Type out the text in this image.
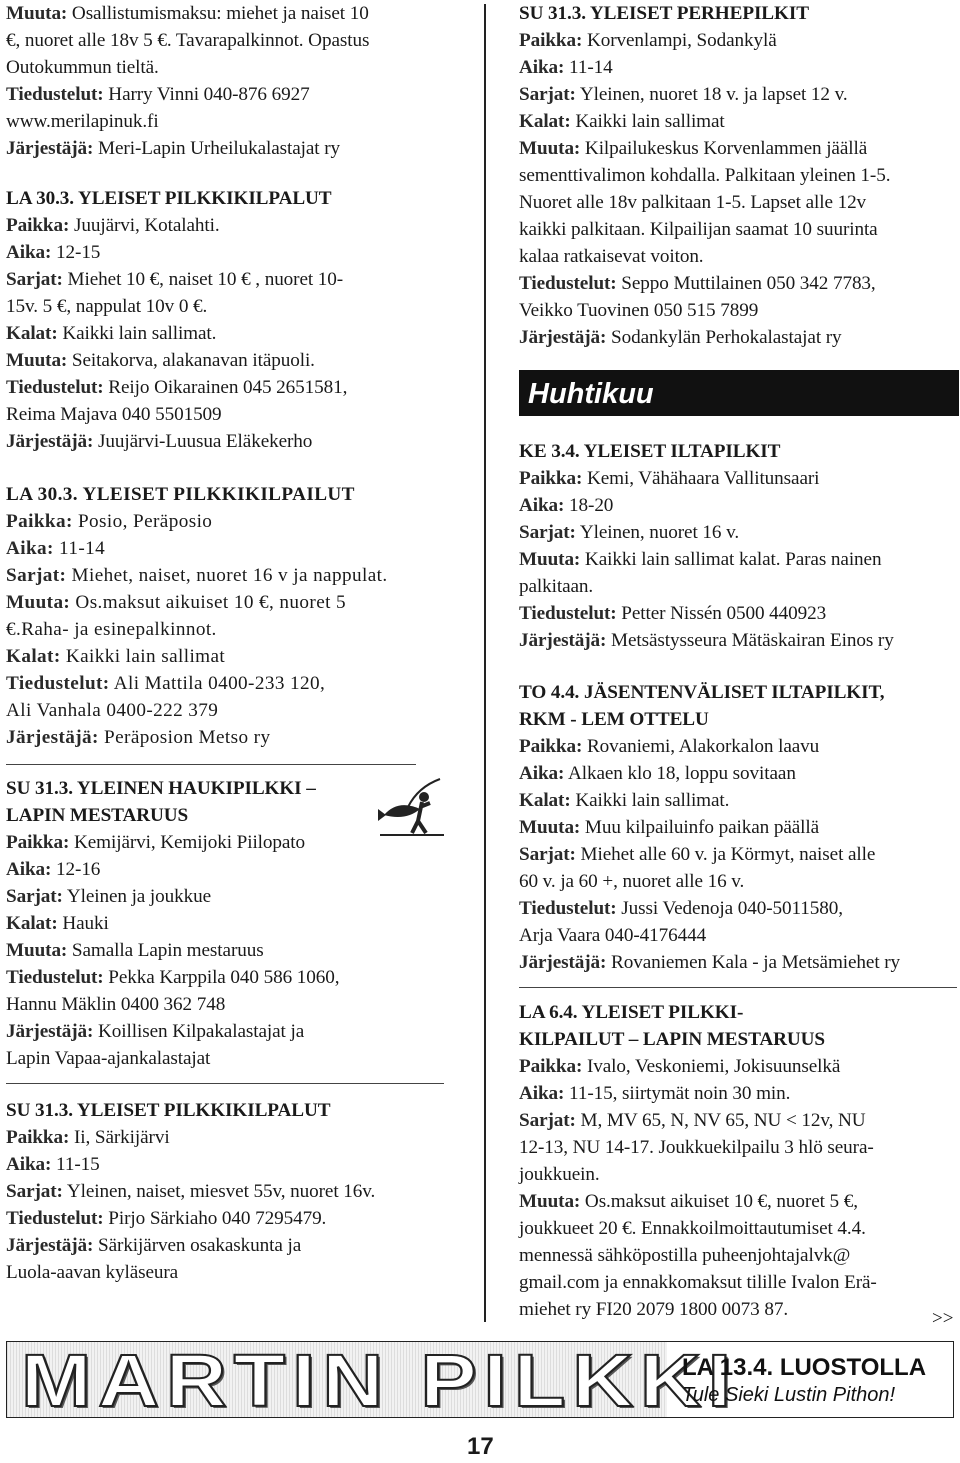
Muuta: Osallistumismaksu: miehet ja naiset 10
€, nuoret alle 18v 5 €. Tavarapalkinnot. Opastus
Outokummun tieltä.
Tiedustelut: Harry Vinni 040-876 6927
www.merilapinuk.fi
Järjestäjä: Meri-Lapin Urheilukalastajat ry
LA 30.3. YLEISET PILKKIKILPALUT
Paikka: Juujärvi, Kotalahti.
Aika: 12-15
Sarjat: Miehet 10 €, naiset 10 € , nuoret 10-
15v. 5 €, nappulat 10v 0 €.
Kalat: Kaikki lain sallimat.
Muuta: Seitakorva, alakanavan itäpuoli.
Tiedustelut: Reijo Oikarainen 045 2651581,
Reima Majava 040 5501509
Järjestäjä: Juujärvi-Luusua Eläkekerho
LA 30.3. YLEISET PILKKIKILPAILUT
Paikka: Posio, Peräposio
Aika: 11-14
Sarjat: Miehet, naiset, nuoret 16 v ja nappulat.
Muuta: Os.maksut aikuiset 10 €, nuoret 5
€.Raha- ja esinepalkinnot.
Kalat: Kaikki lain sallimat
Tiedustelut: Ali Mattila 0400-233 120,
Ali Vanhala 0400-222 379
Järjestäjä: Peräposion Metso ry
SU 31.3. YLEINEN HAUKIPILKKI –
LAPIN MESTARUUS
Paikka: Kemijärvi, Kemijoki Piilopato
Aika: 12-16
Sarjat: Yleinen ja joukkue
Kalat: Hauki
Muuta: Samalla Lapin mestaruus
Tiedustelut: Pekka Karppila 040 586 1060,
Hannu Mäklin 0400 362 748
Järjestäjä: Koillisen Kilpakalastajat ja
Lapin Vapaa-ajankalastajat
SU 31.3. YLEISET PILKKIKILPALUT
Paikka: Ii, Särkijärvi
Aika: 11-15
Sarjat: Yleinen, naiset, miesvet 55v, nuoret 16v.
Tiedustelut: Pirjo Särkiaho 040 7295479.
Järjestäjä: Särkijärven osakaskunta ja
Luola-aavan kyläseura
SU 31.3. YLEISET PERHEPILKIT
Paikka: Korvenlampi, Sodankylä
Aika: 11-14
Sarjat: Yleinen, nuoret 18 v. ja lapset 12 v.
Kalat: Kaikki lain sallimat
Muuta: Kilpailukeskus Korvenlammen jäällä
sementtivalimon kohdalla. Palkitaan yleinen 1-5.
Nuoret alle 18v palkitaan 1-5. Lapset alle 12v
kaikki palkitaan. Kilpailijan saamat 10 suurinta
kalaa ratkaisevat voiton.
Tiedustelut: Seppo Muttilainen 050 342 7783,
Veikko Tuovinen 050 515 7899
Järjestäjä: Sodankylän Perhokalastajat ry
Huhtikuu
KE 3.4. YLEISET ILTAPILKIT
Paikka: Kemi, Vähähaara Vallitunsaari
Aika: 18-20
Sarjat: Yleinen, nuoret 16 v.
Muuta: Kaikki lain sallimat kalat. Paras nainen
palkitaan.
Tiedustelut: Petter Nissén 0500 440923
Järjestäjä: Metsästysseura Mätäskairan Einos ry
TO 4.4. JÄSENTENVÄLISET ILTAPILKIT,
RKM - LEM OTTELU
Paikka: Rovaniemi, Alakorkalon laavu
Aika: Alkaen klo 18, loppu sovitaan
Kalat: Kaikki lain sallimat.
Muuta: Muu kilpailuinfo paikan päällä
Sarjat: Miehet alle 60 v. ja Körmyt, naiset alle
60 v. ja 60 +, nuoret alle 16 v.
Tiedustelut: Jussi Vedenoja 040-5011580,
Arja Vaara 040-4176444
Järjestäjä: Rovaniemen Kala - ja Metsämiehet ry
LA 6.4. YLEISET PILKKI-
KILPAILUT – LAPIN MESTARUUS
Paikka: Ivalo, Veskoniemi, Jokisuunselkä
Aika: 11-15, siirtymät noin 30 min.
Sarjat: M, MV 65, N, NV 65, NU < 12v, NU
12-13, NU 14-17. Joukkuekilpailu 3 hlö seura-
joukkuein.
Muuta: Os.maksut aikuiset 10 €, nuoret 5 €,
joukkueet 20 €. Ennakkoilmoittautumiset 4.4.
mennessä sähköpostilla puheenjohtajalvk@
gmail.com ja ennakkomaksut tilille Ivalon Erä-
miehet ry FI20 2079 1800 0073 87.	>>
MARTIN PILKKI
LA 13.4. LUOSTOLLA
Tule Sieki Lustin Pithon!
17
